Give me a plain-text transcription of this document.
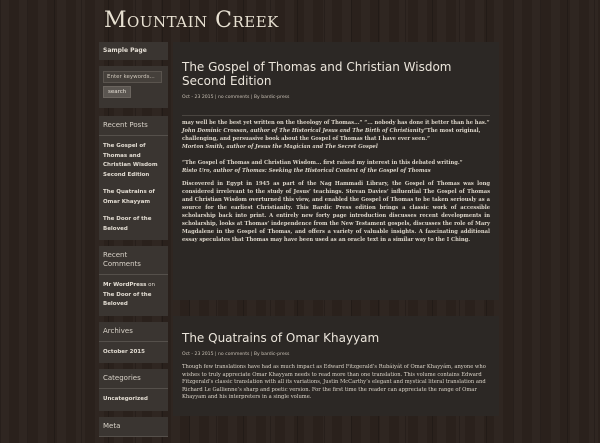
Mountain Creek
Sample Page
Enter keywords...
search
Recent Posts
The Gospel of Thomas and Christian Wisdom Second Edition
The Quatrains of Omar Khayyam
The Door of the Beloved
Recent Comments
Mr WordPress on The Door of the Beloved
Archives
October 2015
Categories
Uncategorized
Meta
The Gospel of Thomas and Christian Wisdom Second Edition
Oct - 23 2015 | no comments | By bardic-press

may well be the best yet written on the theology of Thomas...” “... nobody has done it better than he has.”
John Dominic Crossan, author of The Historical Jesus and The Birth of Christianity“The most original, challenging, and persuasive book about the Gospel of Thomas that I have ever seen.”
Morton Smith, author of Jesus the Magician and The Secret Gospel

“The Gospel of Thomas and Christian Wisdom... first raised my interest in this debated writing.”
Risto Uro, author of Thomas: Seeking the Historical Context of the Gospel of Thomas

Discovered in Egypt in 1945 as part of the Nag Hammadi Library, the Gospel of Thomas was long considered irrelevant to the study of Jesus’ teachings. Stevan Davies’ influential The Gospel of Thomas and Christian Wisdom overturned this view, and enabled the Gospel of Thomas to be taken seriously as a source for the earliest Christianity. This Bardic Press edition brings a classic work of accessible scholarship back into print. A entirely new forty page introduction discusses recent developments in scholarship, looks at Thomas’ independence from the New Testament gospels, discusses the role of Mary Magdalene in the Gospel of Thomas, and offers a variety of valuable insights. A fascinating additional essay speculates that Thomas may have been used as an oracle text in a similar way to the I Ching.

The Quatrains of Omar Khayyam
Oct - 23 2015 | no comments | By bardic-press
Though few translations have had as much impact as Edward Fitzgerald’s Rubáiyát of Omar Khayyám, anyone who wishes to truly appreciate Omar Khayyam needs to read more than one translation. This volume contains Edward Fitzgerald’s classic translation with all its variations, Justin McCarthy’s elegant and mystical literal translation and Richard Le Gallienne’s sharp and poetic version. For the first time the reader can appreciate the range of Omar Khayyam and his interpreters in a single volume.
